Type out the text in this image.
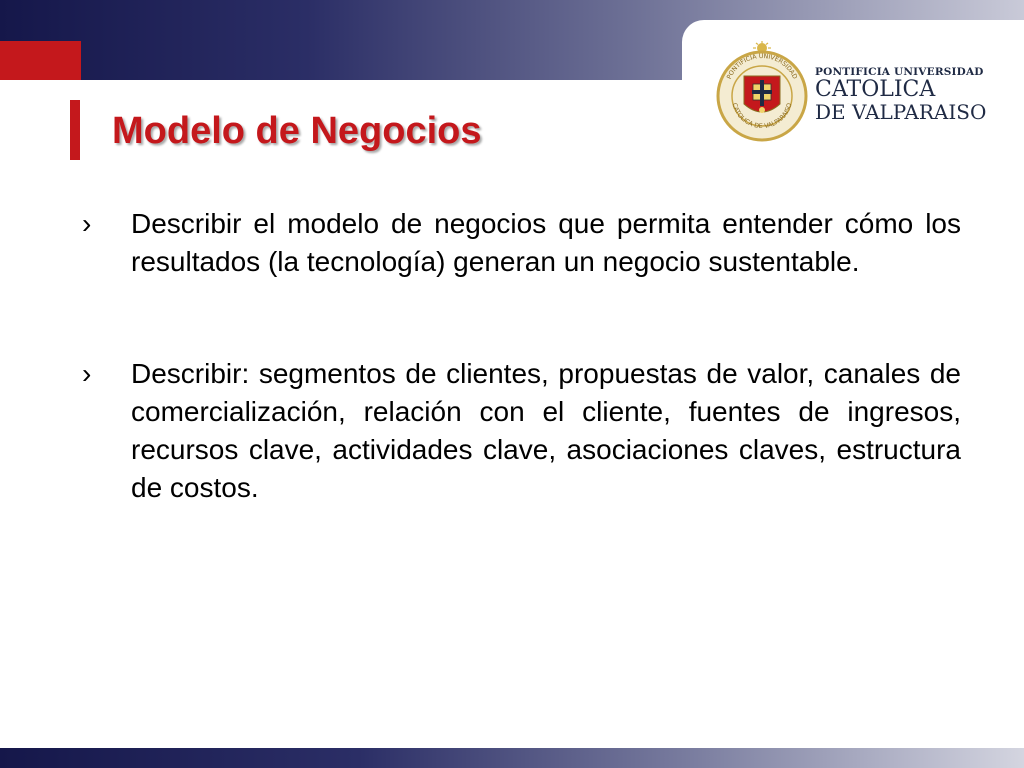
PONTIFICIA UNIVERSIDAD
CATOLICA DE VALPARAISO
PONTIFICIA UNIVERSIDAD
CATOLICA
DE VALPARAISO
Modelo de Negocios
› Describir el modelo de negocios que permita entender cómo los resultados (la tecnología) generan un negocio sustentable.
› Describir: segmentos de clientes, propuestas de valor, canales de comercialización, relación con el cliente, fuentes de ingresos, recursos clave, actividades clave, asociaciones claves, estructura de costos.
